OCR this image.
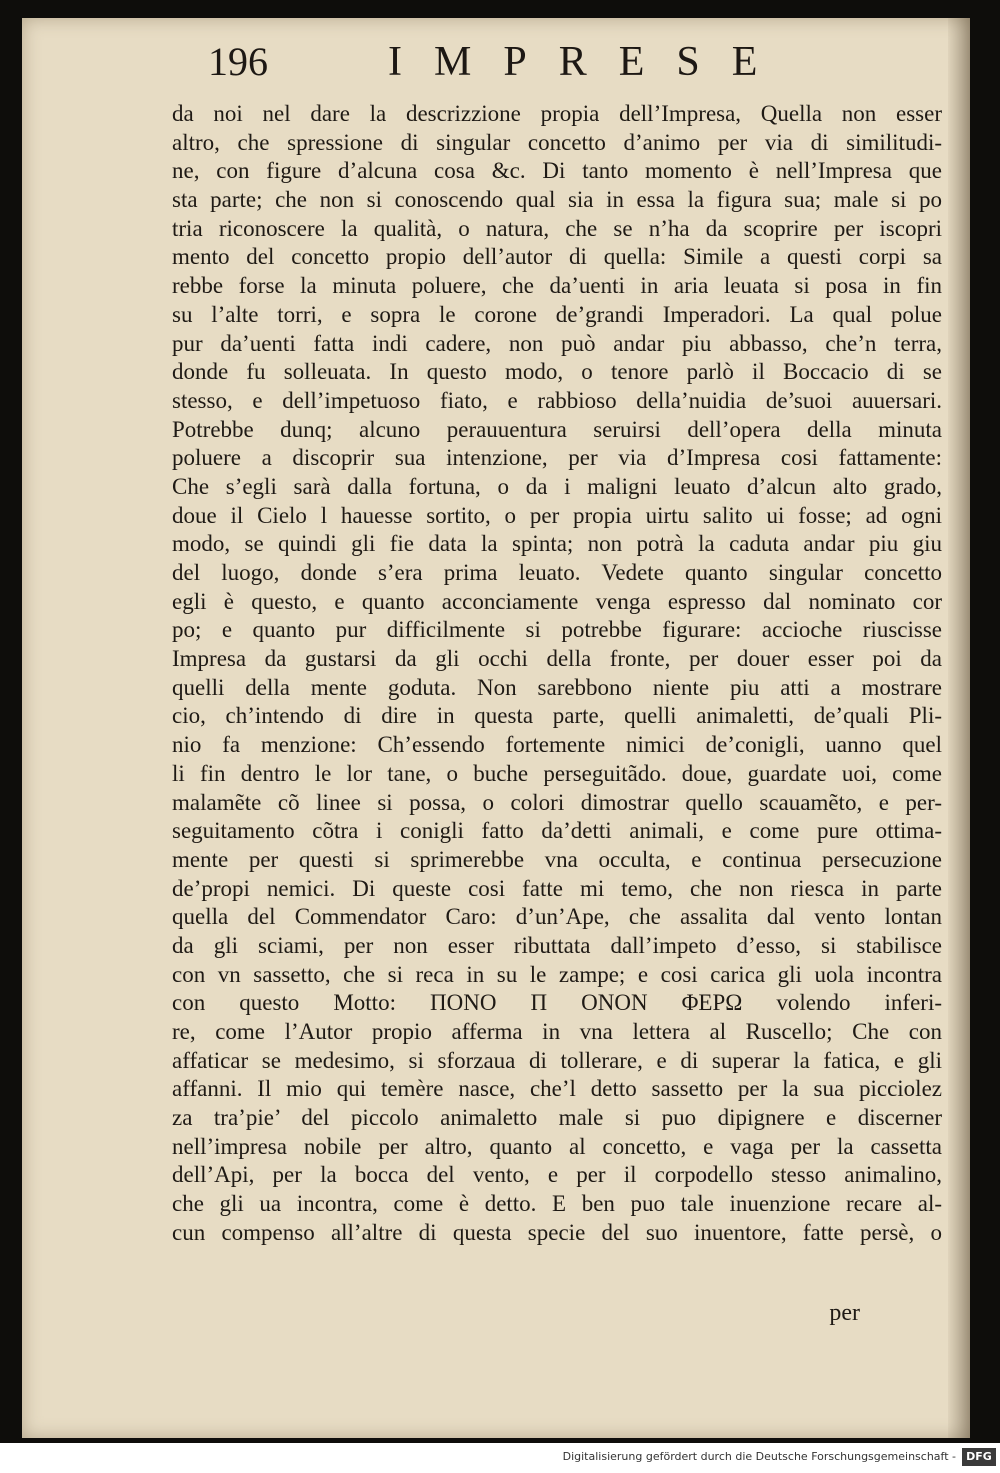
196	IMPRESE
da noi nel dare la descrizzione propia dell’Impresa, Quella non esser
altro, che spressione di singular concetto d’animo per via di similitudi-
ne, con figure d’alcuna cosa &c. Di tanto momento è nell’Impresa que
sta parte; che non si conoscendo qual sia in essa la figura sua; male si po
tria riconoscere la qualità, o natura, che se n’ha da scoprire per iscopri
mento del concetto propio dell’autor di quella: Simile a questi corpi sa
rebbe forse la minuta poluere, che da’uenti in aria leuata si posa in fin
su l’alte torri, e sopra le corone de’grandi Imperadori. La qual polue
pur da’uenti fatta indi cadere, non può andar piu abbasso, che’n terra,
donde fu solleuata. In questo modo, o tenore parlò il Boccacio di se
stesso, e dell’impetuoso fiato, e rabbioso della’nuidia de’suoi auuersari.
Potrebbe dunq; alcuno perauuentura seruirsi dell’opera della minuta
poluere a discoprir sua intenzione, per via d’Impresa cosi fattamente:
Che s’egli sarà dalla fortuna, o da i maligni leuato d’alcun alto grado,
doue il Cielo l hauesse sortito, o per propia uirtu salito ui fosse; ad ogni
modo, se quindi gli fie data la spinta; non potrà la caduta andar piu giu
del luogo, donde s’era prima leuato. Vedete quanto singular concetto
egli è questo, e quanto acconciamente venga espresso dal nominato cor
po; e quanto pur difficilmente si potrebbe figurare: accioche riuscisse
Impresa da gustarsi da gli occhi della fronte, per douer esser poi da
quelli della mente goduta. Non sarebbono niente piu atti a mostrare
cio, ch’intendo di dire in questa parte, quelli animaletti, de’quali Pli-
nio fa menzione: Ch’essendo fortemente nimici de’conigli, uanno quel
li fin dentro le lor tane, o buche perseguitãdo. doue, guardate uoi, come
malamẽte cõ linee si possa, o colori dimostrar quello scauamẽto, e per-
seguitamento cõtra i conigli fatto da’detti animali, e come pure ottima-
mente per questi si sprimerebbe vna occulta, e continua persecuzione
de’propi nemici. Di queste cosi fatte mi temo, che non riesca in parte
quella del Commendator Caro: d’un’Ape, che assalita dal vento lontan
da gli sciami, per non esser ributtata dall’impeto d’esso, si stabilisce
con vn sassetto, che si reca in su le zampe; e cosi carica gli uola incontra
con questo Motto: ΠΟΝΟ Π ΟΝΟΝ ΦΕΡΩ volendo inferi-
re, come l’Autor propio afferma in vna lettera al Ruscello; Che con
affaticar se medesimo, si sforzaua di tollerare, e di superar la fatica, e gli
affanni. Il mio qui temère nasce, che’l detto sassetto per la sua picciolez
za tra’pie’ del piccolo animaletto male si puo dipignere e discerner
nell’impresa nobile per altro, quanto al concetto, e vaga per la cassetta
dell’Api, per la bocca del vento, e per il corpodello stesso animalino,
che gli ua incontra, come è detto. E ben puo tale inuenzione recare al-
cun compenso all’altre di questa specie del suo inuentore, fatte persè, o
per
Digitalisierung gefördert durch die Deutsche Forschungsgemeinschaft - DFG
